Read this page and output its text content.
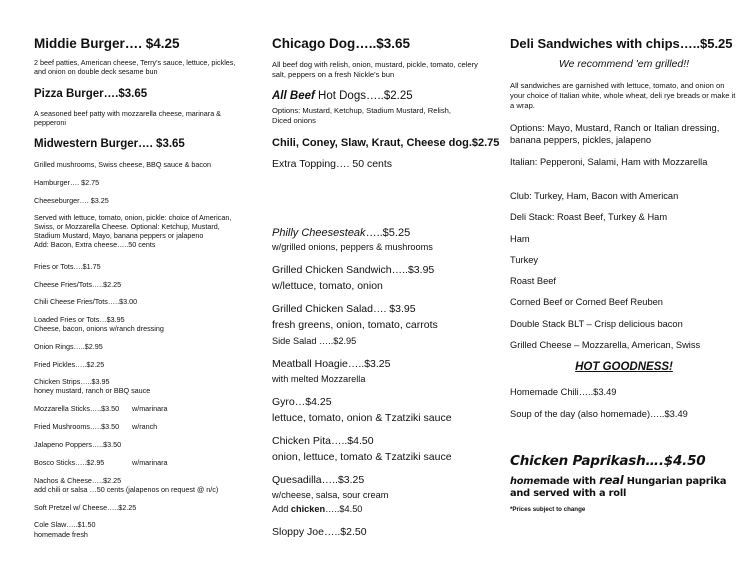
Middie Burger…. $4.25

2 beef patties, American cheese, Terry's sauce, lettuce, pickles, and onion on double deck sesame bun

Pizza Burger….$3.65

A seasoned beef patty with mozzarella cheese, marinara & pepperoni

Midwestern Burger…. $3.65

Grilled mushrooms, Swiss cheese, BBQ sauce & bacon

Hamburger…. $2.75

Cheeseburger…. $3.25

Served with lettuce, tomato, onion, pickle: choice of American,

Swiss, or Mozzarella Cheese. Optional: Ketchup, Mustard,

Stadium Mustard, Mayo, banana peppers or jalapeno

Add: Bacon, Extra cheese…..50 cents

Fries or Tots….$1.75

Cheese Fries/Tots…..$2.25

Chili Cheese Fries/Tots…..$3.00

Loaded Fries or Tots…$3.95

Cheese, bacon, onions w/ranch dressing

Onion Rings…..$2.95

Fried Pickles…..$2.25

Chicken Strips…..$3.95

honey mustard, ranch or BBQ sauce

Mozzarella Sticks…..$3.50	w/marinara

Fried Mushrooms…..$3.50	w/ranch

Jalapeno Poppers…..$3.50

Bosco Sticks…..$2.95	w/marinara

Nachos & Cheese…..$2.25

add chili or salsa …50 cents (jalapenos on request @ n/c)

Soft Pretzel w/ Cheese…..$2.25

Cole Slaw…..$1.50

homemade fresh

Chicago Dog…..$3.65

All beef dog with relish, onion, mustard, pickle, tomato, celery salt, peppers on a fresh Nickle's bun

All Beef Hot Dogs…..$2.25

Options: Mustard, Ketchup, Stadium Mustard, Relish,

Diced onions

Chili, Coney, Slaw, Kraut, Cheese dog.$2.75

Extra Topping…. 50 cents

Philly Cheesesteak…..$5.25

w/grilled onions, peppers & mushrooms

Grilled Chicken Sandwich…..$3.95

w/lettuce, tomato, onion

Grilled Chicken Salad…. $3.95

fresh greens, onion, tomato, carrots

Side Salad …..$2.95

Meatball Hoagie…..$3.25

with melted Mozzarella

Gyro…$4.25

lettuce, tomato, onion & Tzatziki sauce

Chicken Pita…..$4.50

onion, lettuce, tomato & Tzatziki sauce

Quesadilla…..$3.25

w/cheese, salsa, sour cream

Add chicken…..$4.50

Sloppy Joe…..$2.50

Deli Sandwiches with chips…..$5.25

We recommend 'em grilled!!

All sandwiches are garnished with lettuce, tomato, and onion on your choice of Italian white, whole wheat, deli rye breads or make it a wrap.

Options: Mayo, Mustard, Ranch or Italian dressing, banana peppers, pickles, jalapeno

Italian: Pepperoni, Salami, Ham with Mozzarella

Club: Turkey, Ham, Bacon with American

Deli Stack: Roast Beef, Turkey & Ham

Ham

Turkey

Roast Beef

Corned Beef or Corned Beef Reuben

Double Stack BLT – Crisp delicious bacon

Grilled Cheese – Mozzarella, American, Swiss

HOT GOODNESS!

Homemade Chili…..$3.49

Soup of the day (also homemade)…..$3.49

Chicken Paprikash….$4.50

homemade with real Hungarian paprika and served with a roll

*Prices subject to change
